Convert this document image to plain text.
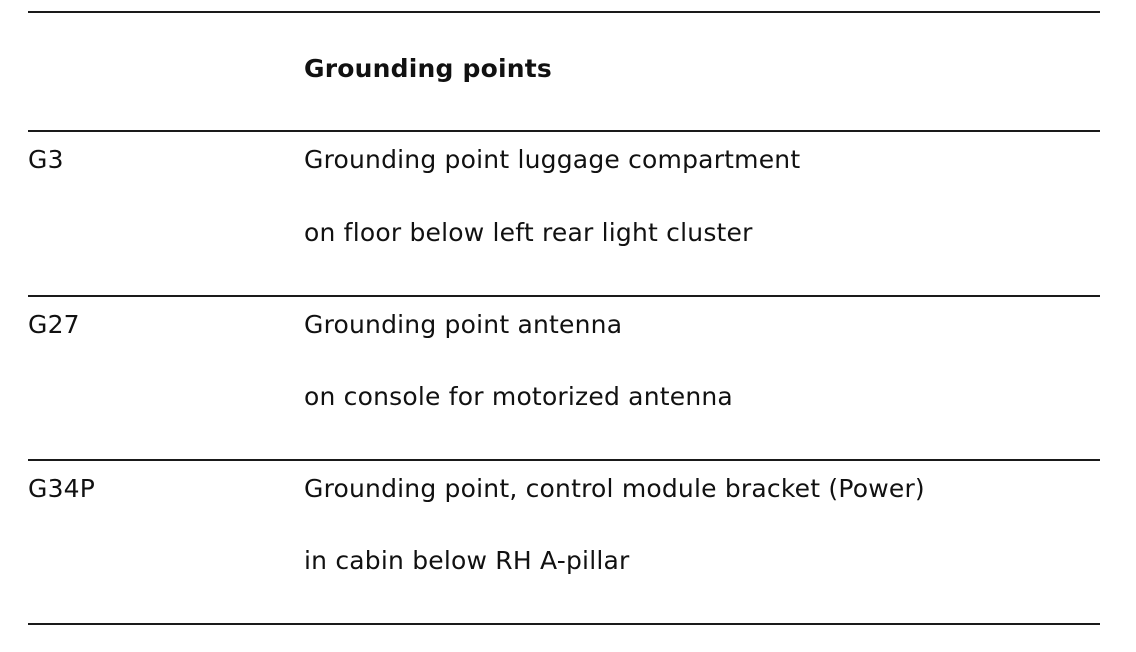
Grounding points
G3	Grounding point luggage compartment
on floor below left rear light cluster
G27	Grounding point antenna
on console for motorized antenna
G34P	Grounding point, control module bracket (Power)
in cabin below RH A-pillar
